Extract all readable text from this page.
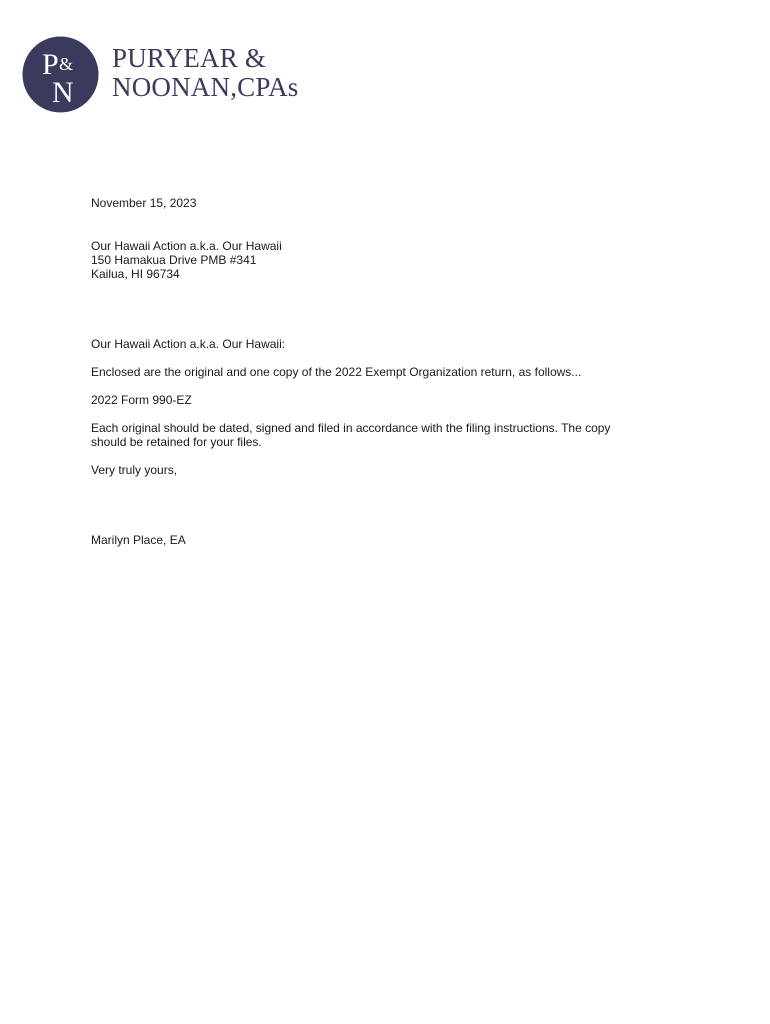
P &
N
PURYEAR &
NOONAN,CPAs

November 15, 2023

Our Hawaii Action a.k.a. Our Hawaii
150 Hamakua Drive PMB #341
Kailua, HI 96734

Our Hawaii Action a.k.a. Our Hawaii:

Enclosed are the original and one copy of the 2022 Exempt Organization return, as follows...

2022 Form 990-EZ

Each original should be dated, signed and filed in accordance with the filing instructions. The copy
should be retained for your files.

Very truly yours,

Marilyn Place, EA
